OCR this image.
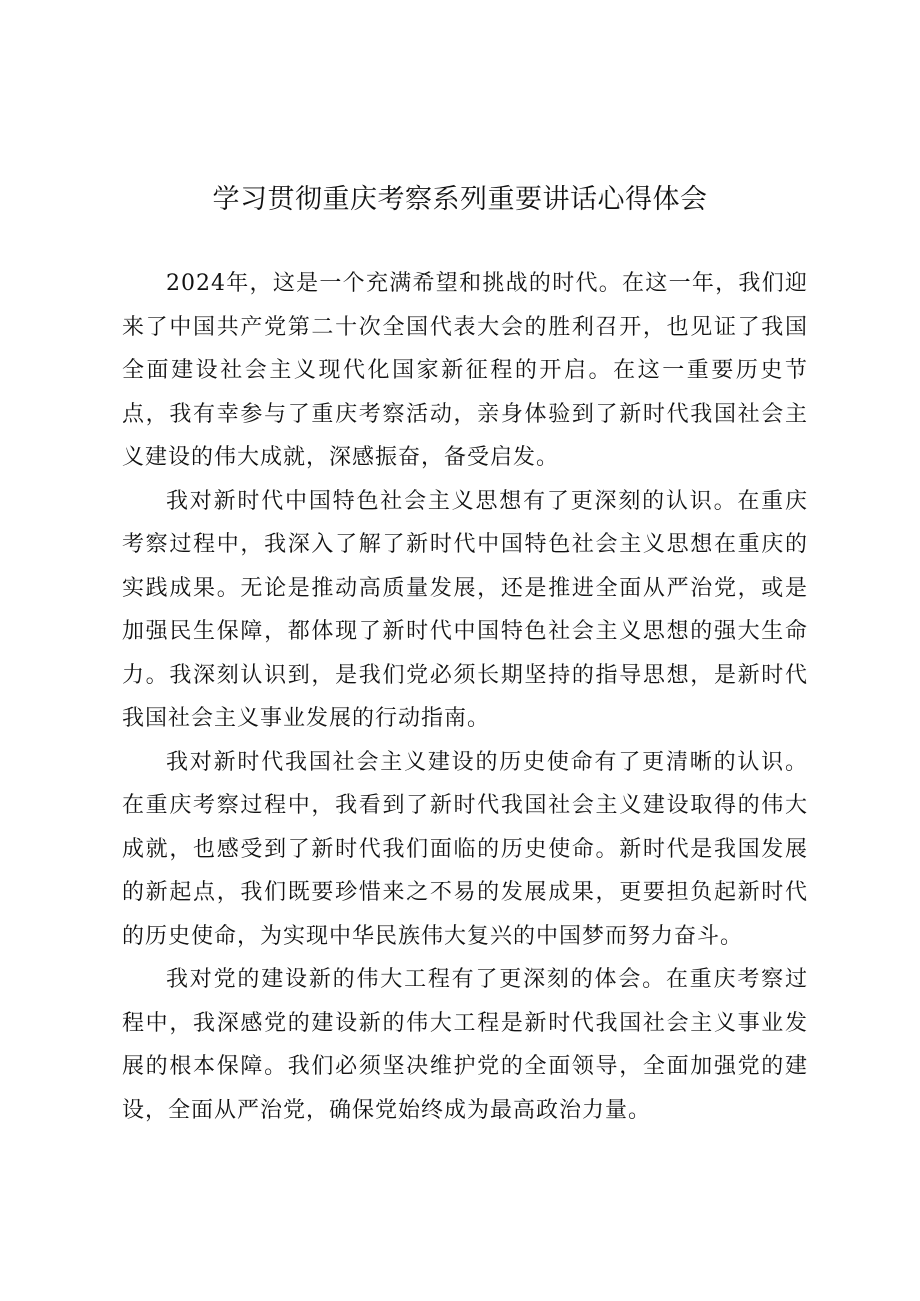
学习贯彻重庆考察系列重要讲话心得体会

2024年，这是一个充满希望和挑战的时代。在这一年，我们迎来了中国共产党第二十次全国代表大会的胜利召开，也见证了我国全面建设社会主义现代化国家新征程的开启。在这一重要历史节点，我有幸参与了重庆考察活动，亲身体验到了新时代我国社会主义建设的伟大成就，深感振奋，备受启发。

我对新时代中国特色社会主义思想有了更深刻的认识。在重庆考察过程中，我深入了解了新时代中国特色社会主义思想在重庆的实践成果。无论是推动高质量发展，还是推进全面从严治党，或是加强民生保障，都体现了新时代中国特色社会主义思想的强大生命力。我深刻认识到，是我们党必须长期坚持的指导思想，是新时代我国社会主义事业发展的行动指南。

我对新时代我国社会主义建设的历史使命有了更清晰的认识。在重庆考察过程中，我看到了新时代我国社会主义建设取得的伟大成就，也感受到了新时代我们面临的历史使命。新时代是我国发展的新起点，我们既要珍惜来之不易的发展成果，更要担负起新时代的历史使命，为实现中华民族伟大复兴的中国梦而努力奋斗。

我对党的建设新的伟大工程有了更深刻的体会。在重庆考察过程中，我深感党的建设新的伟大工程是新时代我国社会主义事业发展的根本保障。我们必须坚决维护党的全面领导，全面加强党的建设，全面从严治党，确保党始终成为最高政治力量。
